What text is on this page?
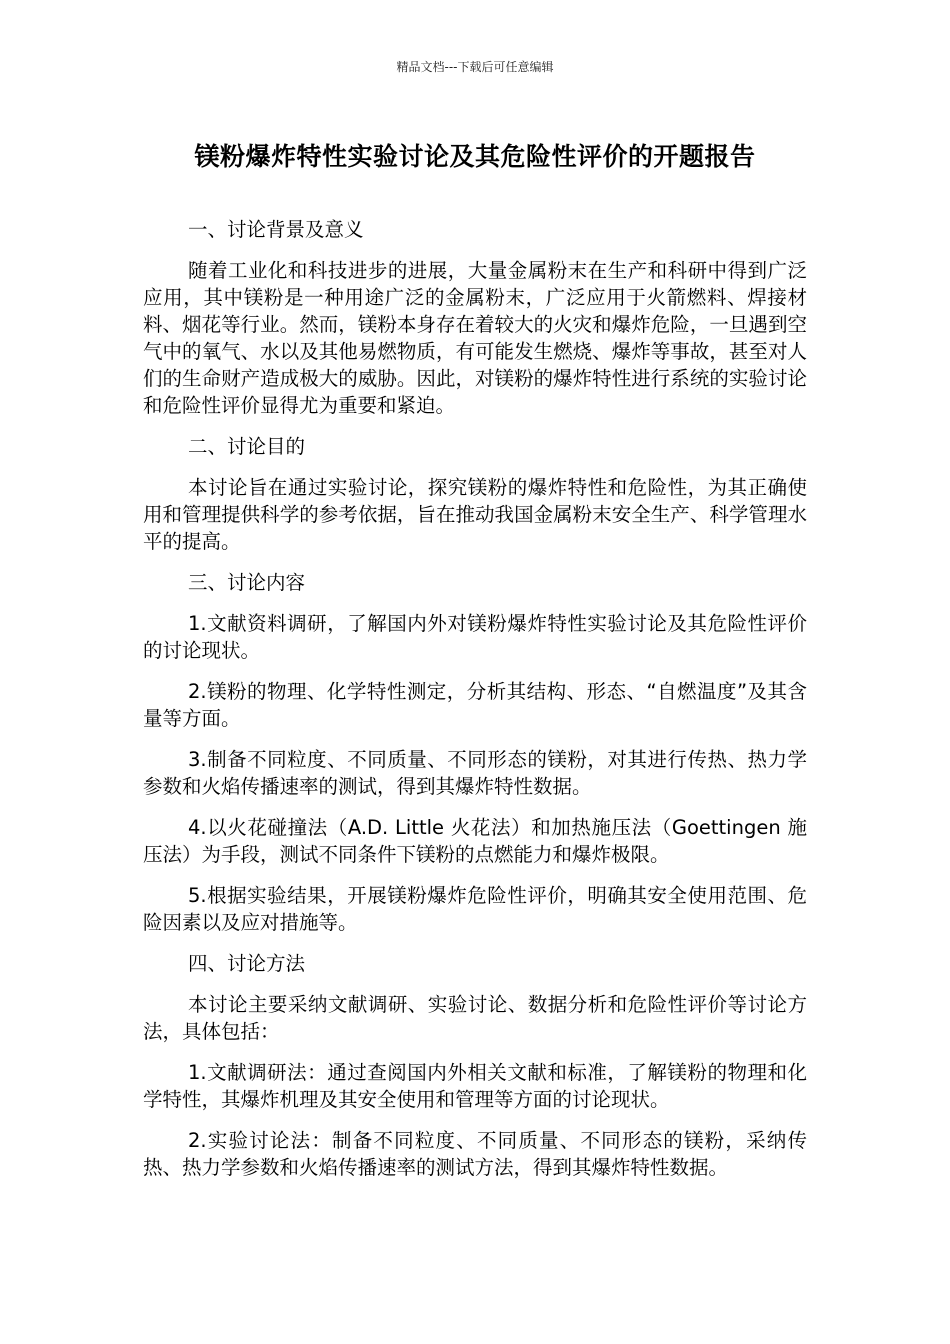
精品文档---下载后可任意编辑
镁粉爆炸特性实验讨论及其危险性评价的开题报告

一、讨论背景及意义

随着工业化和科技进步的进展，大量金属粉末在生产和科研中得到广泛应用，其中镁粉是一种用途广泛的金属粉末，广泛应用于火箭燃料、焊接材料、烟花等行业。然而，镁粉本身存在着较大的火灾和爆炸危险，一旦遇到空气中的氧气、水以及其他易燃物质，有可能发生燃烧、爆炸等事故，甚至对人们的生命财产造成极大的威胁。因此，对镁粉的爆炸特性进行系统的实验讨论和危险性评价显得尤为重要和紧迫。

二、讨论目的

本讨论旨在通过实验讨论，探究镁粉的爆炸特性和危险性，为其正确使用和管理提供科学的参考依据，旨在推动我国金属粉末安全生产、科学管理水平的提高。

三、讨论内容

1.文献资料调研，了解国内外对镁粉爆炸特性实验讨论及其危险性评价的讨论现状。

2.镁粉的物理、化学特性测定，分析其结构、形态、“自燃温度”及其含量等方面。

3.制备不同粒度、不同质量、不同形态的镁粉，对其进行传热、热力学参数和火焰传播速率的测试，得到其爆炸特性数据。

4.以火花碰撞法（A.D. Little 火花法）和加热施压法（Goettingen 施压法）为手段，测试不同条件下镁粉的点燃能力和爆炸极限。

5.根据实验结果，开展镁粉爆炸危险性评价，明确其安全使用范围、危险因素以及应对措施等。

四、讨论方法

本讨论主要采纳文献调研、实验讨论、数据分析和危险性评价等讨论方法，具体包括：

1.文献调研法：通过查阅国内外相关文献和标准，了解镁粉的物理和化学特性，其爆炸机理及其安全使用和管理等方面的讨论现状。

2.实验讨论法：制备不同粒度、不同质量、不同形态的镁粉，采纳传热、热力学参数和火焰传播速率的测试方法，得到其爆炸特性数据。
